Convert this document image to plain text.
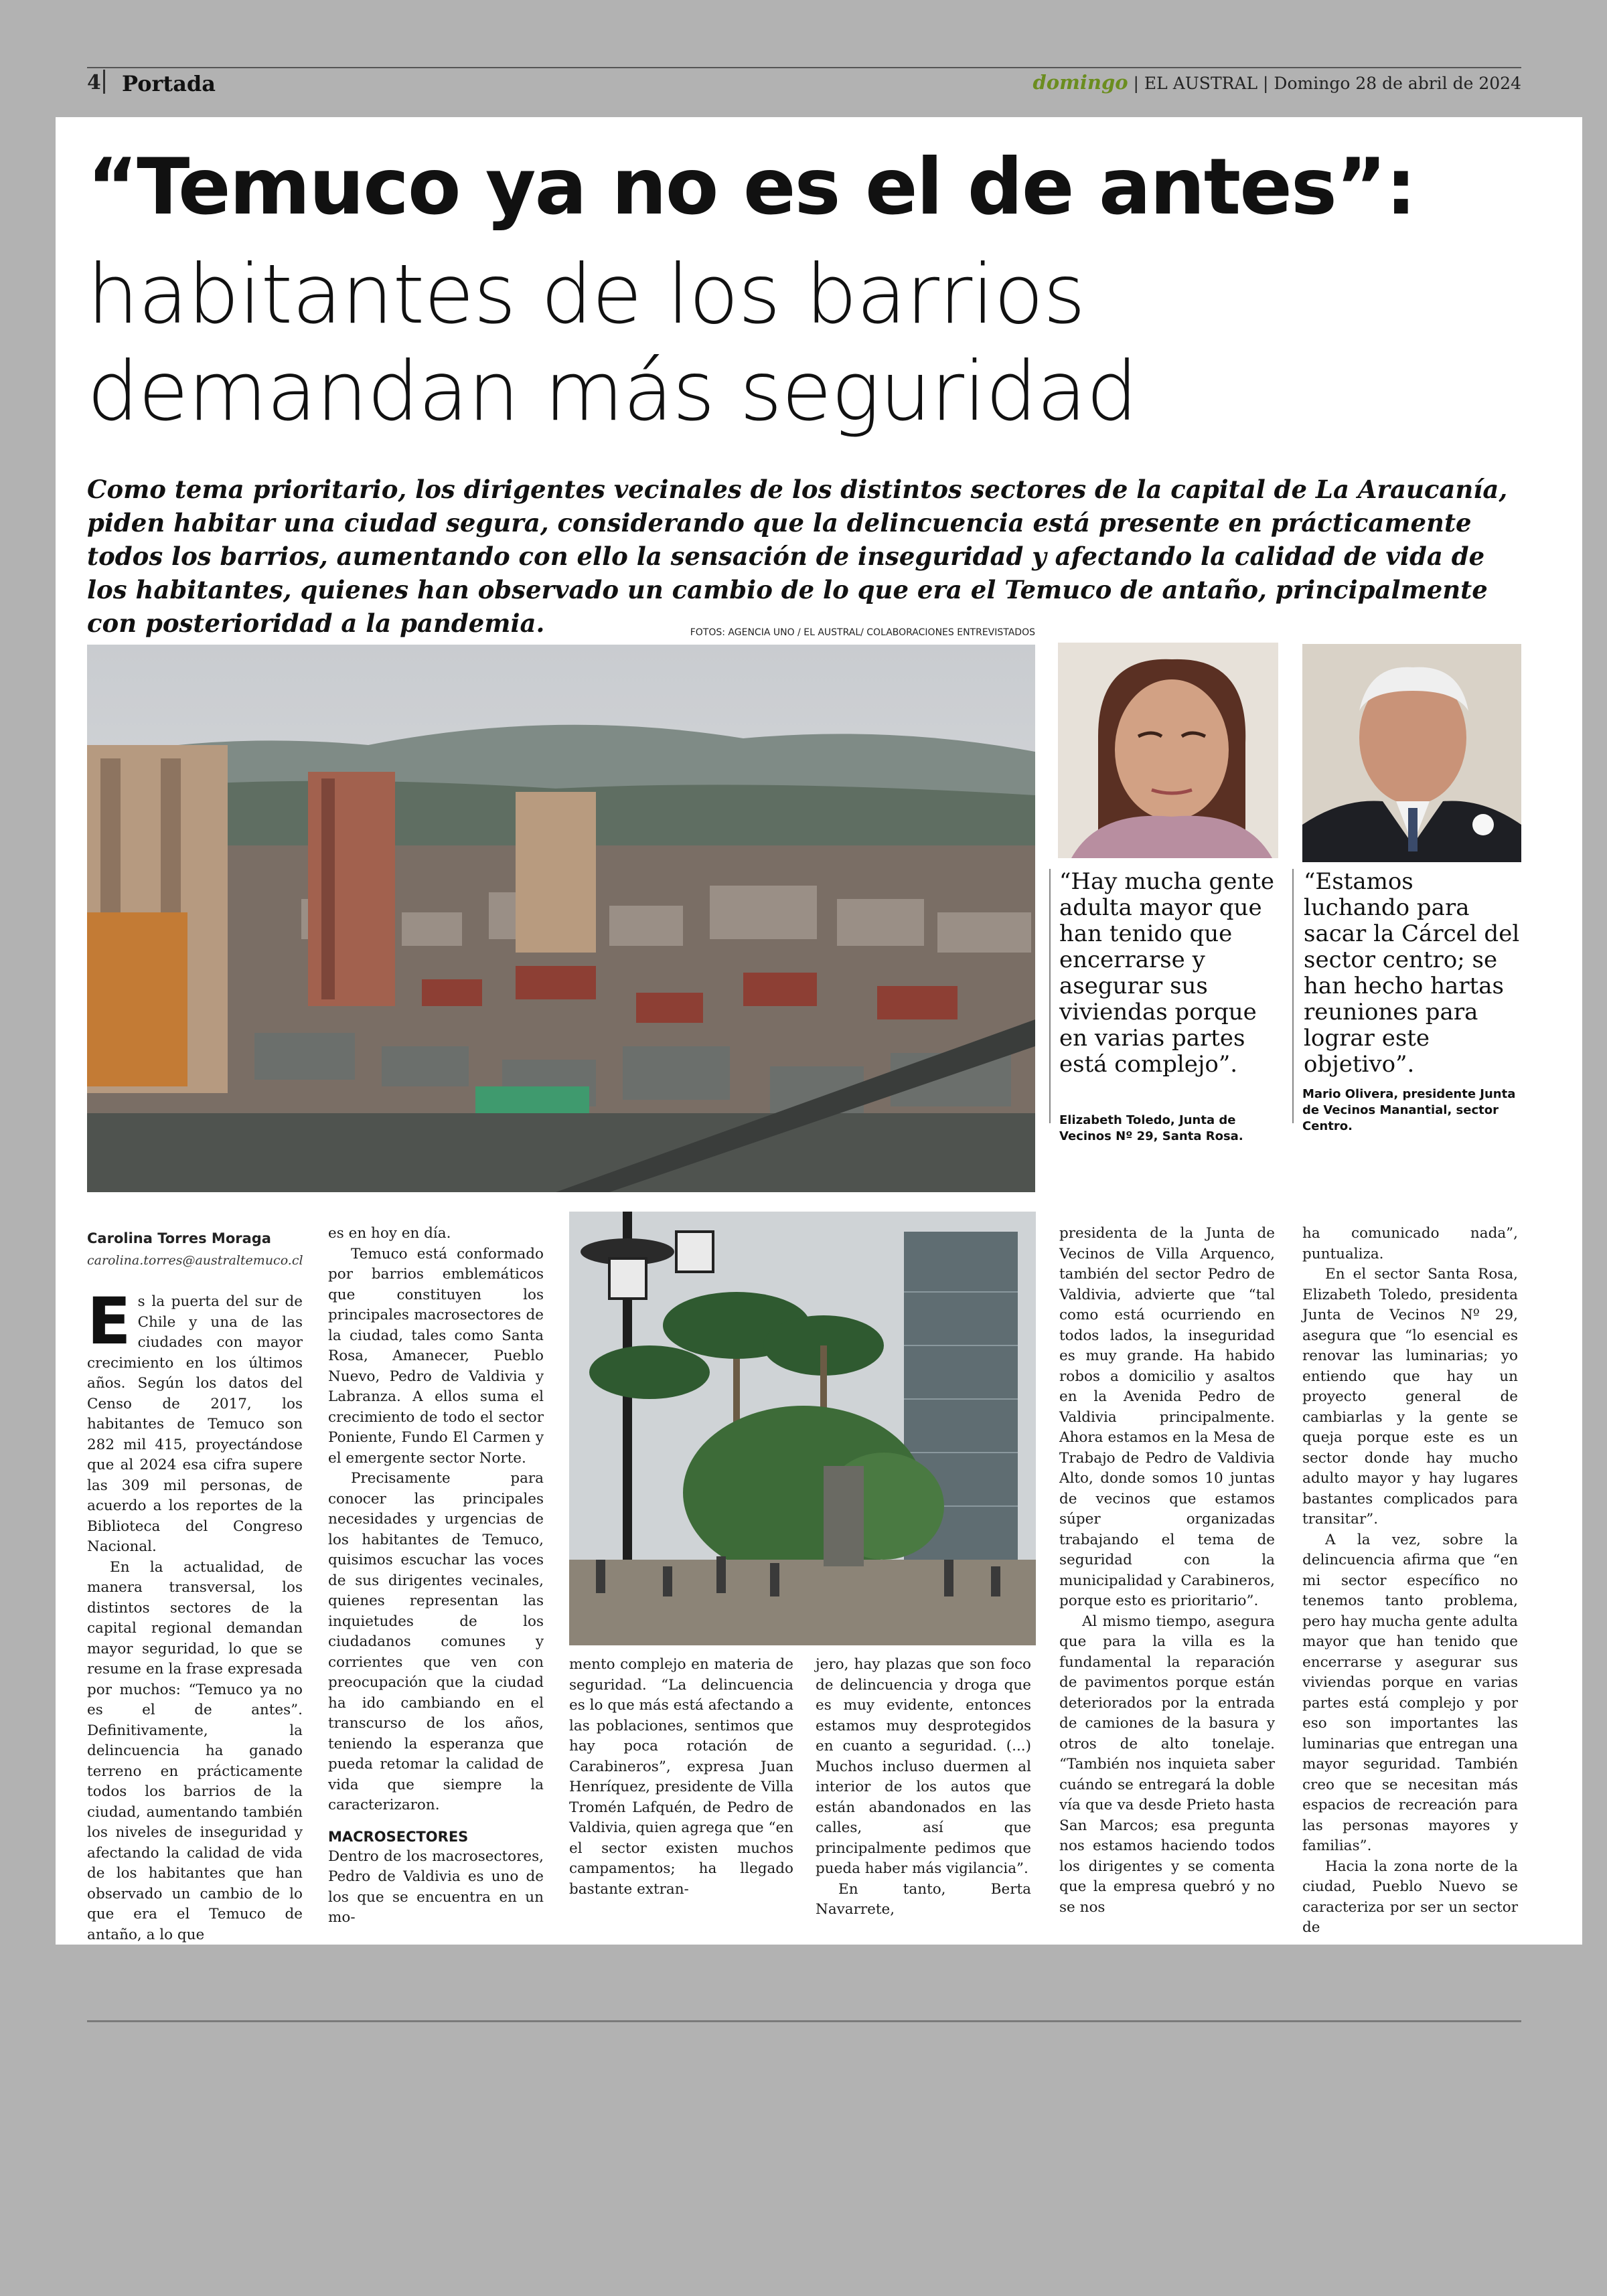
4 Portada	domingo | EL AUSTRAL | Domingo 28 de abril de 2024
“Temuco ya no es el de antes”:
habitantes de los barrios demandan más seguridad
Como tema prioritario, los dirigentes vecinales de los distintos sectores de la capital de La Araucanía, piden habitar una ciudad segura, considerando que la delincuencia está presente en prácticamente todos los barrios, aumentando con ello la sensación de inseguridad y afectando la calidad de vida de los habitantes, quienes han observado un cambio de lo que era el Temuco de antaño, principalmente con posterioridad a la pandemia.	FOTOS: AGENCIA UNO / EL AUSTRAL/ COLABORACIONES ENTREVISTADOS
“Hay mucha gente adulta mayor que han tenido que encerrarse y asegurar sus viviendas porque en varias partes está complejo”.
Elizabeth Toledo, Junta de Vecinos Nº 29, Santa Rosa.
“Estamos luchando para sacar la Cárcel del sector centro; se han hecho hartas reuniones para lograr este objetivo”.
Mario Olivera, presidente Junta de Vecinos Manantial, sector Centro.
Carolina Torres Moraga
carolina.torres@australtemuco.cl

Es la puerta del sur de Chile y una de las ciudades con mayor crecimiento en los últimos años. Según los datos del Censo de 2017, los habitantes de Temuco son 282 mil 415, proyectándose que al 2024 esa cifra supere las 309 mil personas, de acuerdo a los reportes de la Biblioteca del Congreso Nacional.

En la actualidad, de manera transversal, los distintos sectores de la capital regional demandan mayor seguridad, lo que se resume en la frase expresada por muchos: “Temuco ya no es el de antes”. Definitivamente, la delincuencia ha ganado terreno en prácticamente todos los barrios de la ciudad, aumentando también los niveles de inseguridad y afectando la calidad de vida de los habitantes que han observado un cambio de lo que era el Temuco de antaño, a lo que

es en hoy en día.

Temuco está conformado por barrios emblemáticos que constituyen los principales macrosectores de la ciudad, tales como Santa Rosa, Amanecer, Pueblo Nuevo, Pedro de Valdivia y Labranza. A ellos suma el crecimiento de todo el sector Poniente, Fundo El Carmen y el emergente sector Norte.

Precisamente para conocer las principales necesidades y urgencias de los habitantes de Temuco, quisimos escuchar las voces de sus dirigentes vecinales, quienes representan las inquietudes de los ciudadanos comunes y corrientes que ven con preocupación que la ciudad ha ido cambiando en el transcurso de los años, teniendo la esperanza que pueda retomar la calidad de vida que siempre la caracterizaron.

MACROSECTORES

Dentro de los macrosectores, Pedro de Valdivia es uno de los que se encuentra en un mo-

mento complejo en materia de seguridad. “La delincuencia es lo que más está afectando a las poblaciones, sentimos que hay poca rotación de Carabineros”, expresa Juan Henríquez, presidente de Villa Tromén Lafquén, de Pedro de Valdivia, quien agrega que “en el sector existen muchos campamentos; ha llegado bastante extran-

jero, hay plazas que son foco de delincuencia y droga que es muy evidente, entonces estamos muy desprotegidos en cuanto a seguridad. (...) Muchos incluso duermen al interior de los autos que están abandonados en las calles, así que principalmente pedimos que pueda haber más vigilancia”.

En tanto, Berta Navarrete,

presidenta de la Junta de Vecinos de Villa Arquenco, también del sector Pedro de Valdivia, advierte que “tal como está ocurriendo en todos lados, la inseguridad es muy grande. Ha habido robos a domicilio y asaltos en la Avenida Pedro de Valdivia principalmente. Ahora estamos en la Mesa de Trabajo de Pedro de Valdivia Alto, donde somos 10 juntas de vecinos que estamos súper organizadas trabajando el tema de seguridad con la municipalidad y Carabineros, porque esto es prioritario”.

Al mismo tiempo, asegura que para la villa es la fundamental la reparación de pavimentos porque están deteriorados por la entrada de camiones de la basura y otros de alto tonelaje. “También nos inquieta saber cuándo se entregará la doble vía que va desde Prieto hasta San Marcos; esa pregunta nos estamos haciendo todos los dirigentes y se comenta que la empresa quebró y no se nos

ha comunicado nada”, puntualiza.

En el sector Santa Rosa, Elizabeth Toledo, presidenta Junta de Vecinos Nº 29, asegura que “lo esencial es renovar las luminarias; yo entiendo que hay un proyecto general de cambiarlas y la gente se queja porque este es un sector donde hay mucho adulto mayor y hay lugares bastantes complicados para transitar”.

A la vez, sobre la delincuencia afirma que “en mi sector específico no tenemos tanto problema, pero hay mucha gente adulta mayor que han tenido que encerrarse y asegurar sus viviendas porque en varias partes está complejo y por eso son importantes las luminarias que entregan una mayor seguridad. También creo que se necesitan más espacios de recreación para las personas mayores y familias”.

Hacia la zona norte de la ciudad, Pueblo Nuevo se caracteriza por ser un sector de
